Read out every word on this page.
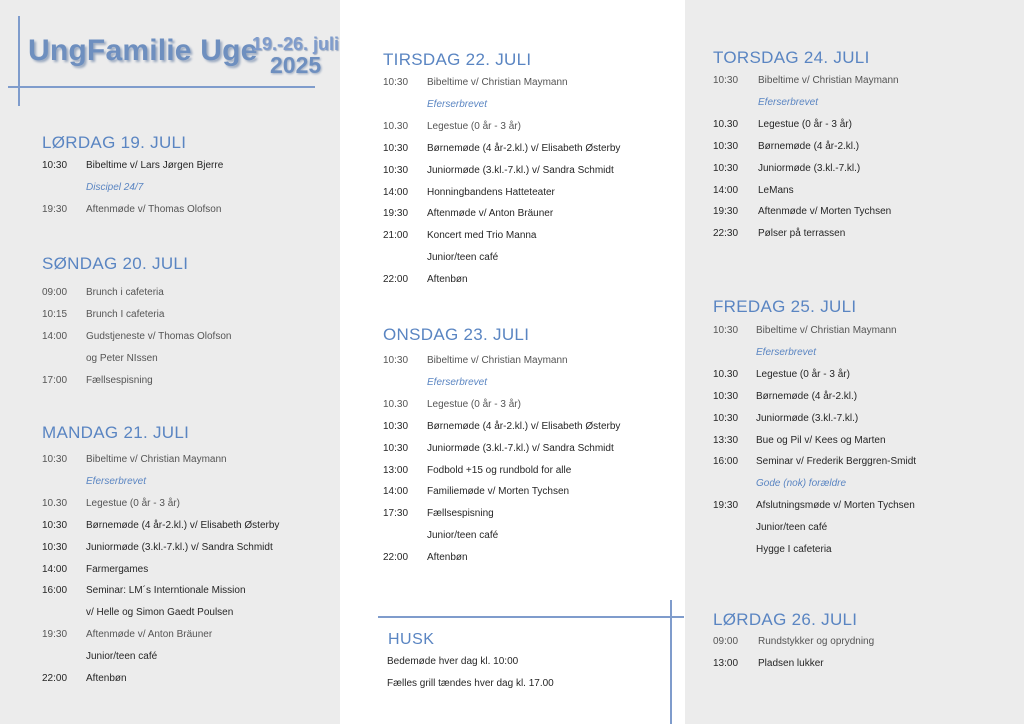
UngFamilie Uge
19.-26. juli
2025
LØRDAG 19. JULI
10:30 Bibeltime v/ Lars Jørgen Bjerre
Discipel 24/7
19:30 Aftenmøde v/ Thomas Olofson
SØNDAG 20. JULI
09:00 Brunch i cafeteria
10:15 Brunch I cafeteria
14:00 Gudstjeneste v/ Thomas Olofson
og Peter NIssen
17:00 Fællsespisning
MANDAG 21. JULI
10:30 Bibeltime v/ Christian Maymann
Eferserbrevet
10.30 Legestue (0 år - 3 år)
10:30 Børnemøde (4 år-2.kl.) v/ Elisabeth Østerby
10:30 Juniormøde (3.kl.-7.kl.) v/ Sandra Schmidt
14:00 Farmergames
16:00 Seminar: LM´s Interntionale Mission
v/ Helle og Simon Gaedt Poulsen
19:30 Aftenmøde v/ Anton Bräuner
Junior/teen café
22:00 Aftenbøn
TIRSDAG 22. JULI
10:30 Bibeltime v/ Christian Maymann
Eferserbrevet
10.30 Legestue (0 år - 3 år)
10:30 Børnemøde (4 år-2.kl.) v/ Elisabeth Østerby
10:30 Juniormøde (3.kl.-7.kl.) v/ Sandra Schmidt
14:00 Honningbandens Hatteteater
19:30 Aftenmøde v/ Anton Bräuner
21:00 Koncert med Trio Manna
Junior/teen café
22:00 Aftenbøn
ONSDAG 23. JULI
10:30 Bibeltime v/ Christian Maymann
Eferserbrevet
10.30 Legestue (0 år - 3 år)
10:30 Børnemøde (4 år-2.kl.) v/ Elisabeth Østerby
10:30 Juniormøde (3.kl.-7.kl.) v/ Sandra Schmidt
13:00 Fodbold +15 og rundbold for alle
14:00 Familiemøde v/ Morten Tychsen
17:30 Fællsespisning
Junior/teen café
22:00 Aftenbøn
TORSDAG 24. JULI
10:30 Bibeltime v/ Christian Maymann
Eferserbrevet
10.30 Legestue (0 år - 3 år)
10:30 Børnemøde (4 år-2.kl.)
10:30 Juniormøde (3.kl.-7.kl.)
14:00 LeMans
19:30 Aftenmøde v/ Morten Tychsen
22:30 Pølser på terrassen
FREDAG 25. JULI
10:30 Bibeltime v/ Christian Maymann
Eferserbrevet
10.30 Legestue (0 år - 3 år)
10:30 Børnemøde (4 år-2.kl.)
10:30 Juniormøde (3.kl.-7.kl.)
13:30 Bue og Pil v/ Kees og Marten
16:00 Seminar v/ Frederik Berggren-Smidt
Gode (nok) forældre
19:30 Afslutningsmøde v/ Morten Tychsen
Junior/teen café
Hygge I cafeteria
LØRDAG 26. JULI
09:00 Rundstykker og oprydning
13:00 Pladsen lukker
HUSK
Bedemøde hver dag kl. 10:00
Fælles grill tændes hver dag kl. 17.00
